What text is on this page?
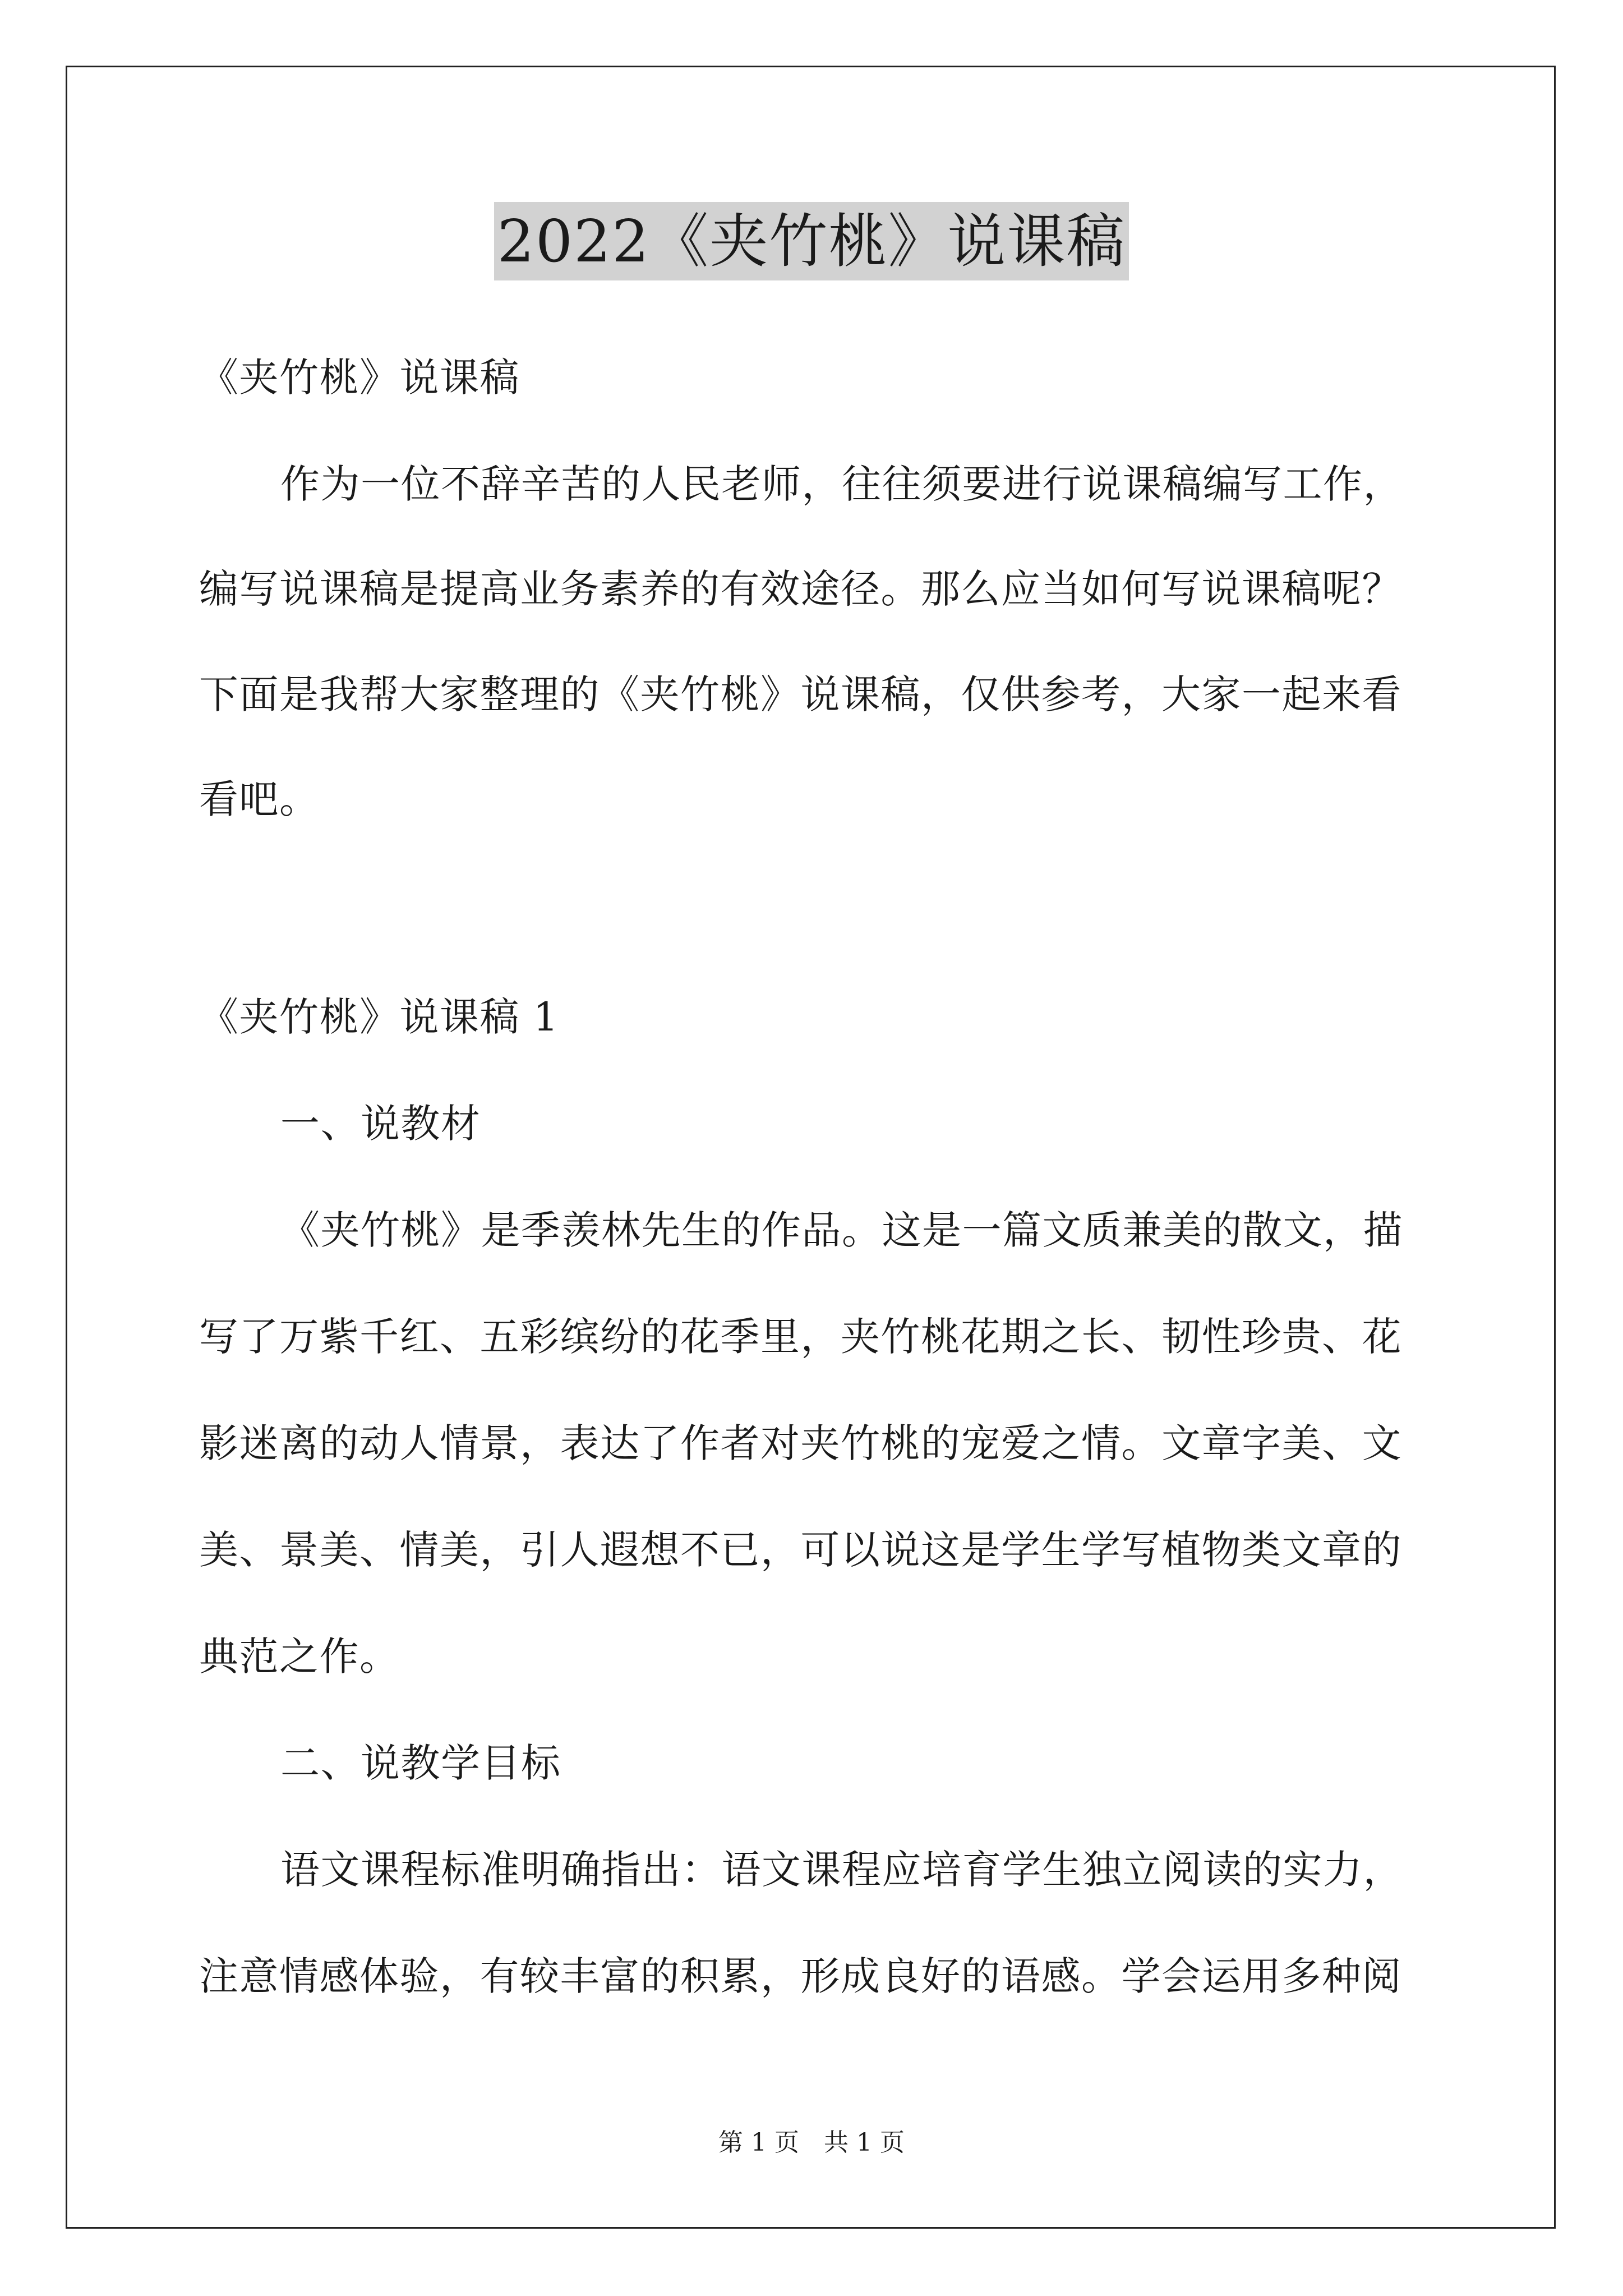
2022《夹竹桃》说课稿
《夹竹桃》说课稿
作为一位不辞辛苦的人民老师，往往须要进行说课稿编写工作，
编写说课稿是提高业务素养的有效途径。那么应当如何写说课稿呢？
下面是我帮大家整理的《夹竹桃》说课稿，仅供参考，大家一起来看
看吧。
《夹竹桃》说课稿 1
一、说教材
《夹竹桃》是季羡林先生的作品。这是一篇文质兼美的散文，描
写了万紫千红、五彩缤纷的花季里，夹竹桃花期之长、韧性珍贵、花
影迷离的动人情景，表达了作者对夹竹桃的宠爱之情。文章字美、文
美、景美、情美，引人遐想不已，可以说这是学生学写植物类文章的
典范之作。
二、说教学目标
语文课程标准明确指出：语文课程应培育学生独立阅读的实力，
注意情感体验，有较丰富的积累，形成良好的语感。学会运用多种阅
第 1 页　共 1 页
